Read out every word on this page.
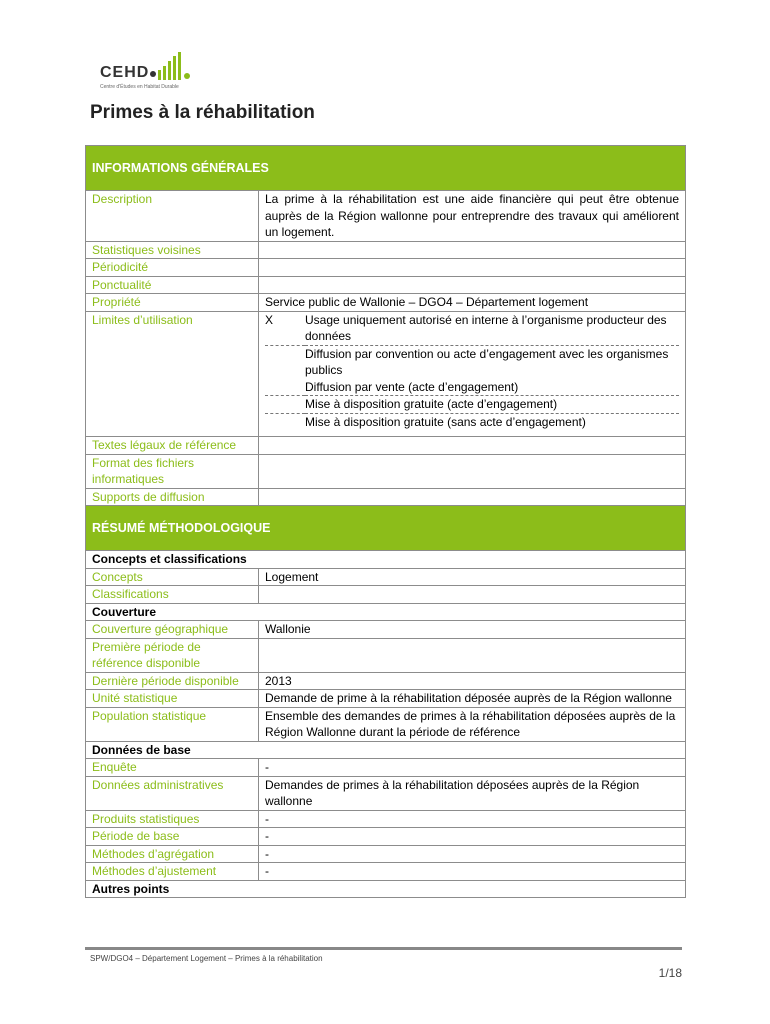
CEHD
Centre d'Études en Habitat Durable
Primes à la réhabilitation
INFORMATIONS GÉNÉRALES
Description	La prime à la réhabilitation est une aide financière qui peut être obtenue auprès de la Région wallonne pour entreprendre des travaux qui améliorent un logement.
Statistiques voisines	
Périodicité	
Ponctualité	
Propriété	Service public de Wallonie – DGO4 – Département logement
Limites d’utilisation		X	Usage uniquement autorisé en interne à l’organisme producteur des données
	Diffusion par convention ou acte d’engagement avec les organismes publics
	Diffusion par vente (acte d’engagement)
	Mise à disposition gratuite (acte d’engagement)
	Mise à disposition gratuite (sans acte d’engagement)

Textes légaux de référence	
Format des fichiers informatiques	
Supports de diffusion	
RÉSUMÉ MÉTHODOLOGIQUE
Concepts et classifications
Concepts	Logement
Classifications	
Couverture
Couverture géographique	Wallonie
Première période de référence disponible	
Dernière période disponible	2013
Unité statistique	Demande de prime à la réhabilitation déposée auprès de la Région wallonne
Population statistique	Ensemble des demandes de primes à la réhabilitation déposées auprès de la Région Wallonne durant la période de référence
Données de base
Enquête	-
Données administratives	Demandes de primes à la réhabilitation déposées auprès de la Région wallonne
Produits statistiques	-
Période de base	-
Méthodes d’agrégation	-
Méthodes d’ajustement	-
Autres points
SPW/DGO4 – Département Logement – Primes à la réhabilitation
1/18
